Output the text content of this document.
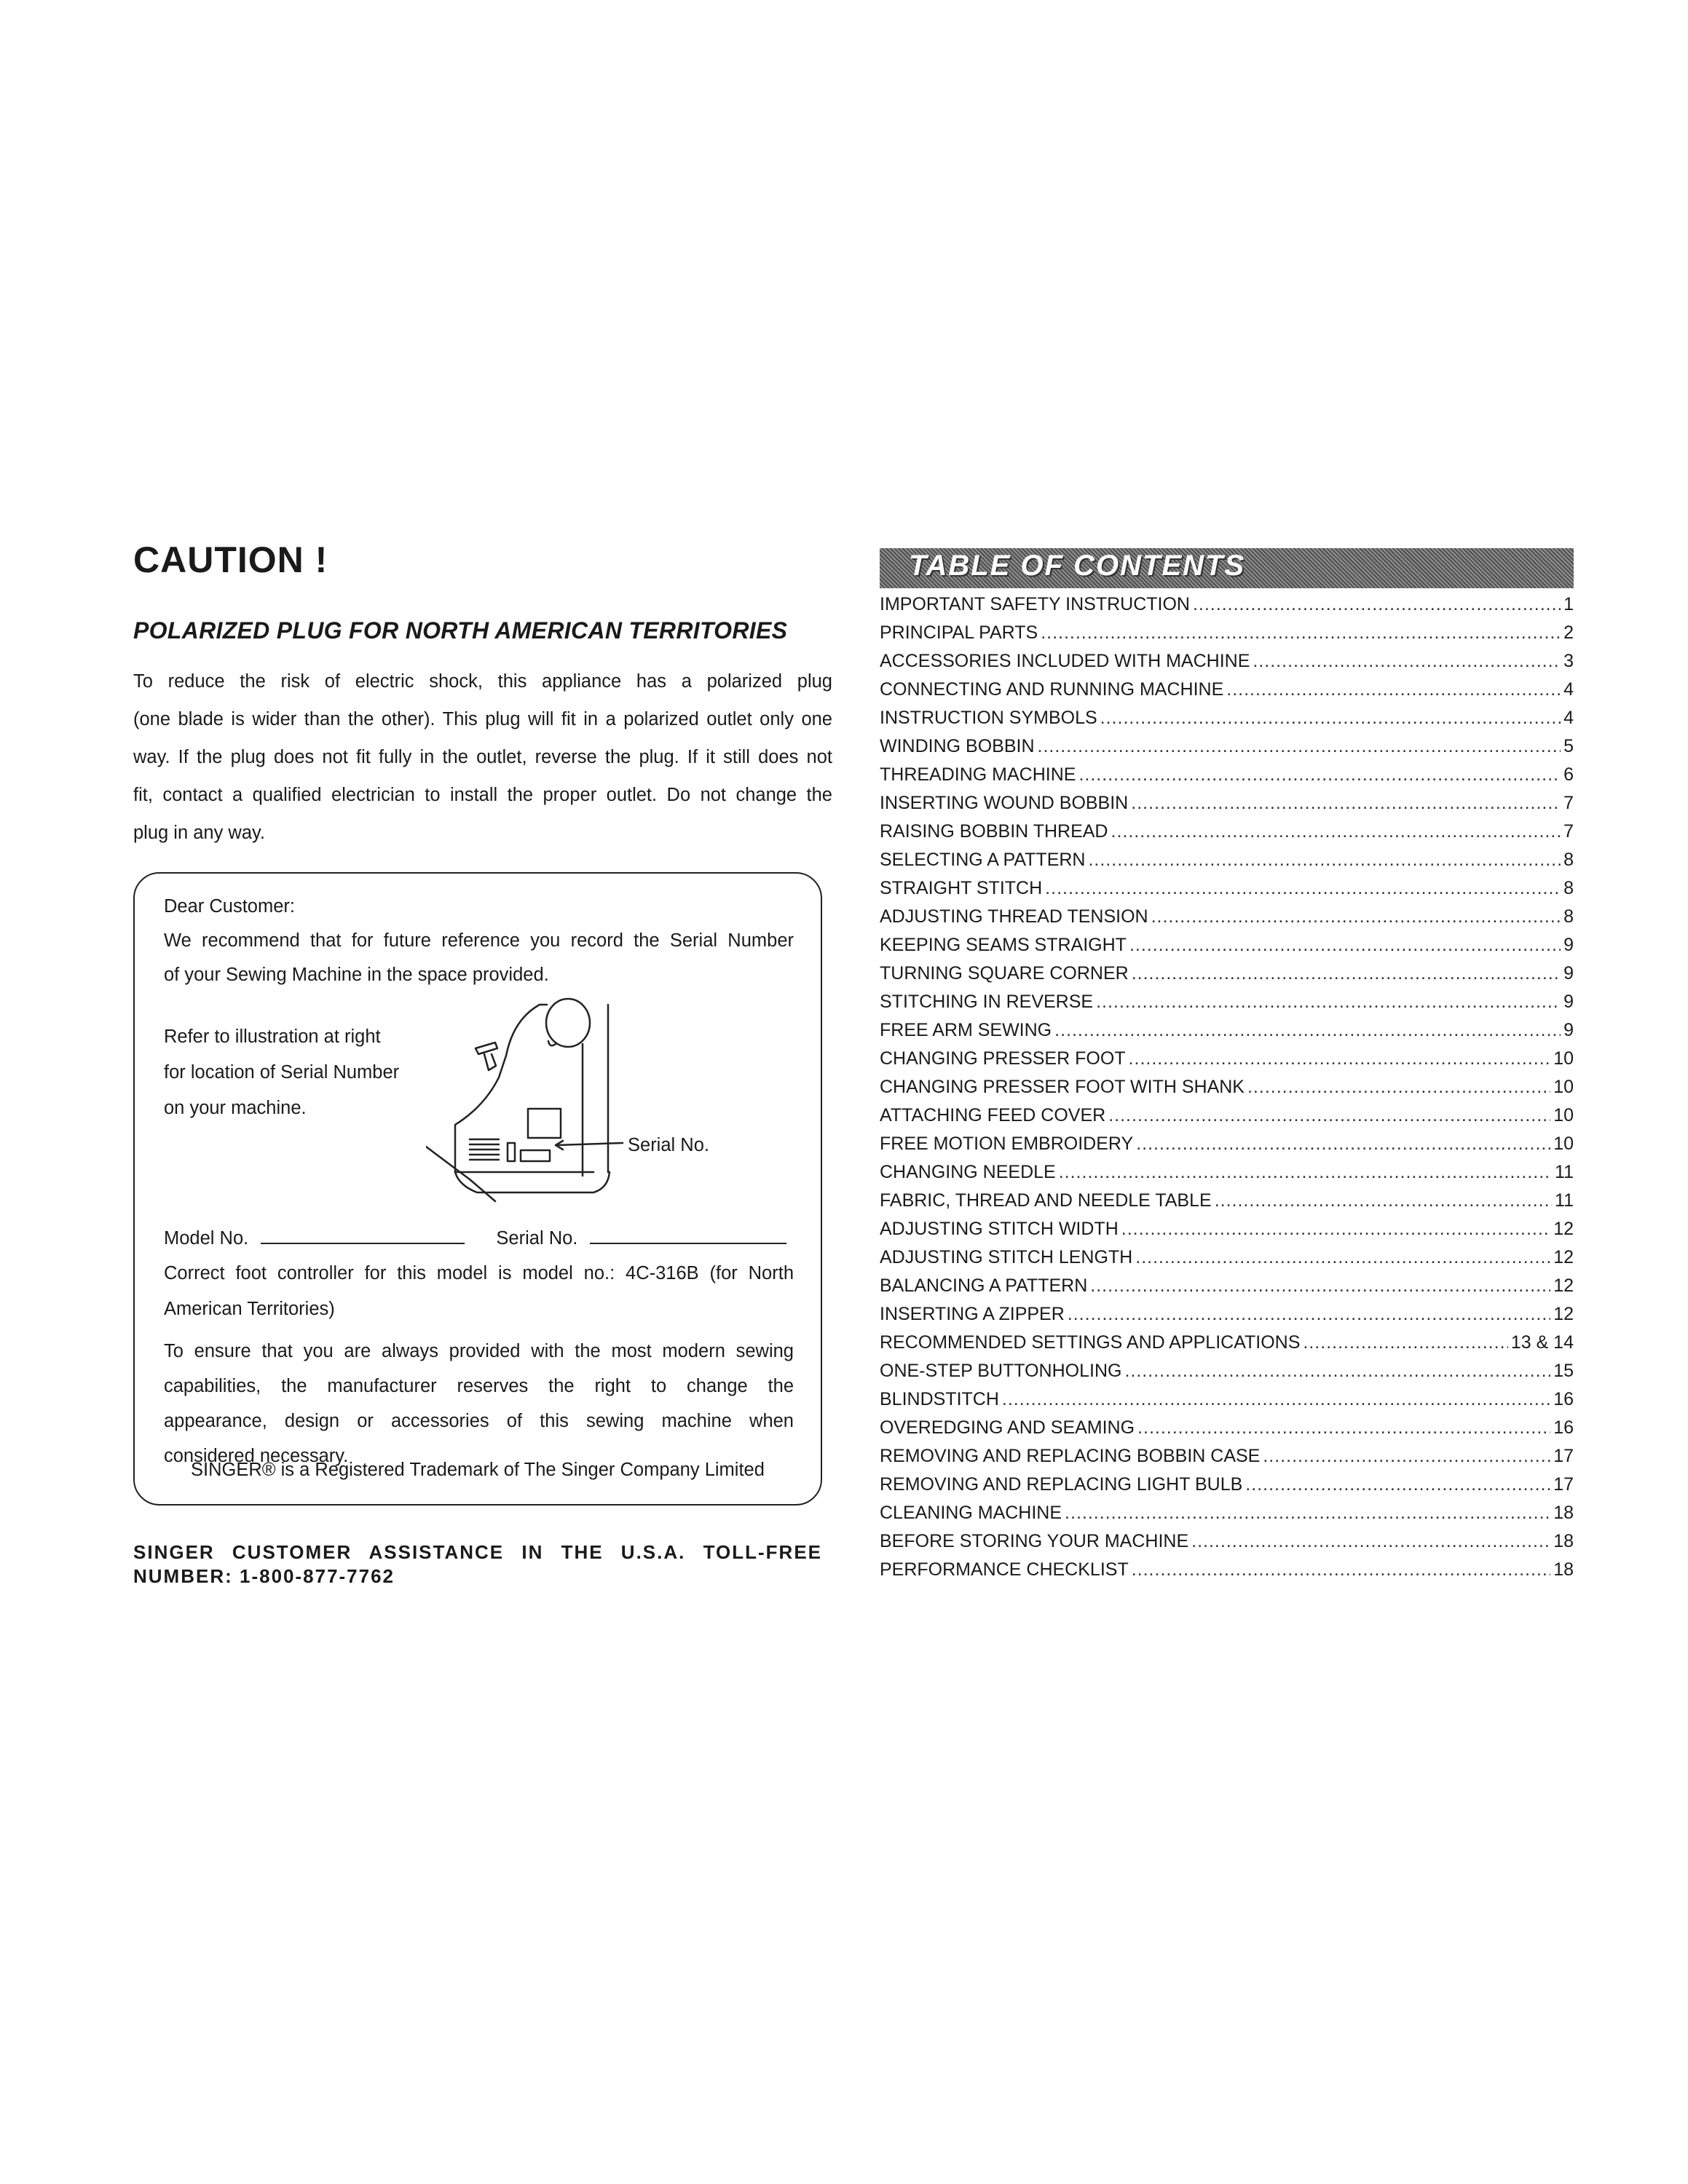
CAUTION !
POLARIZED PLUG FOR NORTH AMERICAN TERRITORIES

To reduce the risk of electric shock, this appliance has a polarized plug
(one blade is wider than the other). This plug will fit in a polarized outlet only one
way. If the plug does not fit fully in the outlet, reverse the plug. If it still does not
fit, contact a qualified electrician to install the proper outlet. Do not change the
plug in any way.

Dear Customer:
We recommend that for future reference you record the Serial Number
of your Sewing Machine in the space provided.
Refer to illustration at right
for location of Serial Number
on your machine.
Serial No.
Model No.	Serial No.
Correct foot controller for this model is model no.: 4C-316B (for North
American Territories)
To ensure that you are always provided with the most modern sewing
capabilities, the manufacturer reserves the right to change the
appearance, design or accessories of this sewing machine when
considered necessary.
SINGER® is a Registered Trademark of The Singer Company Limited

SINGER CUSTOMER ASSISTANCE IN THE U.S.A. TOLL-FREE
NUMBER: 1-800-877-7762

TABLE OF CONTENTS
IMPORTANT SAFETY INSTRUCTION .....	1
PRINCIPAL PARTS .....	2
ACCESSORIES INCLUDED WITH MACHINE .....	3
CONNECTING AND RUNNING MACHINE .....	4
INSTRUCTION SYMBOLS .....	4
WINDING BOBBIN .....	5
THREADING MACHINE .....	6
INSERTING WOUND BOBBIN .....	7
RAISING BOBBIN THREAD .....	7
SELECTING A PATTERN .....	8
STRAIGHT STITCH .....	8
ADJUSTING THREAD TENSION .....	8
KEEPING SEAMS STRAIGHT .....	9
TURNING SQUARE CORNER .....	9
STITCHING IN REVERSE .....	9
FREE ARM SEWING .....	9
CHANGING PRESSER FOOT .....	10
CHANGING PRESSER FOOT WITH SHANK .....	10
ATTACHING FEED COVER .....	10
FREE MOTION EMBROIDERY .....	10
CHANGING NEEDLE .....	11
FABRIC, THREAD AND NEEDLE TABLE .....	11
ADJUSTING STITCH WIDTH .....	12
ADJUSTING STITCH LENGTH .....	12
BALANCING A PATTERN .....	12
INSERTING A ZIPPER .....	12
RECOMMENDED SETTINGS AND APPLICATIONS .....	13 & 14
ONE-STEP BUTTONHOLING .....	15
BLINDSTITCH .....	16
OVEREDGING AND SEAMING .....	16
REMOVING AND REPLACING BOBBIN CASE .....	17
REMOVING AND REPLACING LIGHT BULB .....	17
CLEANING MACHINE .....	18
BEFORE STORING YOUR MACHINE .....	18
PERFORMANCE CHECKLIST .....	18
